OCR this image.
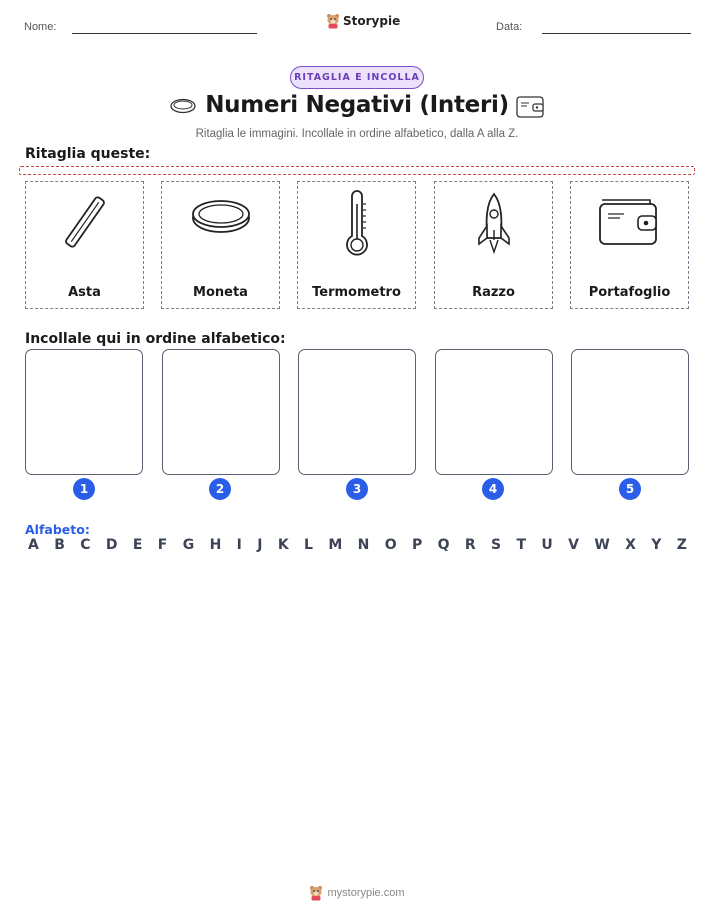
Nome:	Storypie	Data:
RITAGLIA E INCOLLA
Numeri Negativi (Interi)
Ritaglia le immagini. Incollale in ordine alfabetico, dalla A alla Z.
Ritaglia queste:
Asta	Moneta	Termometro	Razzo	Portafoglio
Incollale qui in ordine alfabetico:
1	2	3	4	5
Alfabeto:
A B C D E F G H I J K L M N O P Q R S T U V W X Y Z
mystorypie.com
